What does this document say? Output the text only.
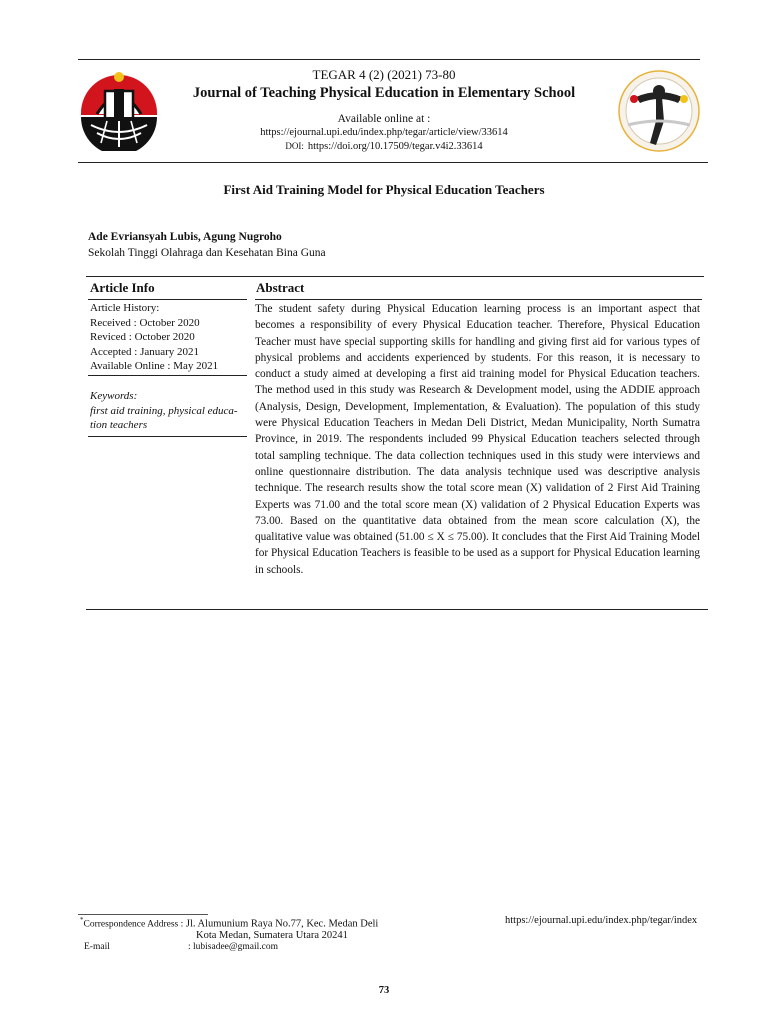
TEGAR 4 (2) (2021) 73-80
Journal of Teaching Physical Education in Elementary School
Available online at :
https://ejournal.upi.edu/index.php/tegar/article/view/33614
DOI: https://doi.org/10.17509/tegar.v4i2.33614
First Aid Training Model for Physical Education Teachers
Ade Evriansyah Lubis, Agung Nugroho
Sekolah Tinggi Olahraga dan Kesehatan Bina Guna
Article Info
Article History:
Received : October 2020
Reviced : October 2020
Accepted : January 2021
Available Online : May 2021
Keywords:
first aid training, physical educa-
tion teachers
Abstract
The student safety during Physical Education learning process is an important aspect that becomes a responsibility of every Physical Education teacher. Therefore, Physical Education Teacher must have special supporting skills for handling and giving first aid for various types of physical problems and accidents experienced by students. For this reason, it is necessary to conduct a study aimed at developing a first aid training model for Physical Education teachers. The method used in this study was Research & Development model, using the ADDIE approach (Analysis, Design, Development, Implementation, & Evaluation). The population of this study were Physical Education Teachers in Medan Deli District, Medan Municipality, North Sumatra Province, in 2019. The respondents included 99 Physical Education teachers selected through total sampling technique. The data collection techniques used in this study were interviews and online questionnaire distribution. The data analysis technique used was descriptive analysis technique. The research results show the total score mean (X) validation of 2 First Aid Training Experts was 71.00 and the total score mean (X) validation of 2 Physical Education Experts was 73.00. Based on the quantitative data obtained from the mean score calculation (X), the qualitative value was obtained (51.00 ≤ X ≤ 75.00). It concludes that the First Aid Training Model for Physical Education Teachers is feasible to be used as a support for Physical Education learning in schools.
*Correspondence Address : Jl. Alumunium Raya No.77, Kec. Medan Deli
Kota Medan, Sumatera Utara 20241
E-mail	: lubisadee@gmail.com
https://ejournal.upi.edu/index.php/tegar/index
73
